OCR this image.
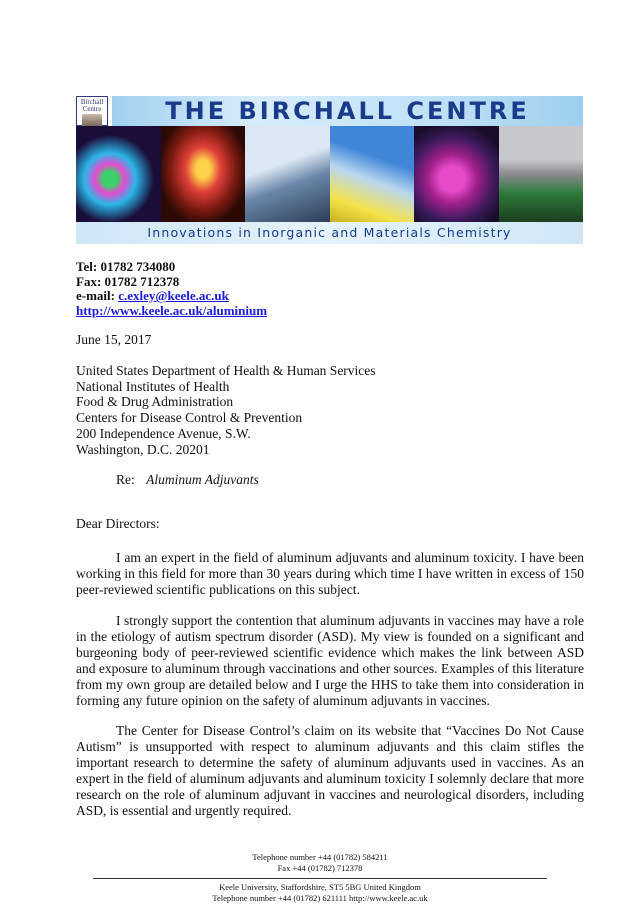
Birchall Centre	THE BIRCHALL CENTRE
Innovations in Inorganic and Materials Chemistry
Tel: 01782 734080
Fax: 01782 712378
e-mail: c.exley@keele.ac.uk
http://www.keele.ac.uk/aluminium
June 15, 2017
United States Department of Health & Human Services
National Institutes of Health
Food & Drug Administration
Centers for Disease Control & Prevention
200 Independence Avenue, S.W.
Washington, D.C. 20201
Re: Aluminum Adjuvants
Dear Directors:

I am an expert in the field of aluminum adjuvants and aluminum toxicity. I have been working in this field for more than 30 years during which time I have written in excess of 150 peer-reviewed scientific publications on this subject.

I strongly support the contention that aluminum adjuvants in vaccines may have a role in the etiology of autism spectrum disorder (ASD). My view is founded on a significant and burgeoning body of peer-reviewed scientific evidence which makes the link between ASD and exposure to aluminum through vaccinations and other sources. Examples of this literature from my own group are detailed below and I urge the HHS to take them into consideration in forming any future opinion on the safety of aluminum adjuvants in vaccines.

The Center for Disease Control’s claim on its website that “Vaccines Do Not Cause Autism” is unsupported with respect to aluminum adjuvants and this claim stifles the important research to determine the safety of aluminum adjuvants used in vaccines. As an expert in the field of aluminum adjuvants and aluminum toxicity I solemnly declare that more research on the role of aluminum adjuvant in vaccines and neurological disorders, including ASD, is essential and urgently required.

Telephone number +44 (01782) 584211
Fax +44 (01782) 712378
Keele University, Staffordshire, ST5 5BG United Kingdom
Telephone number +44 (01782) 621111 http://www.keele.ac.uk
